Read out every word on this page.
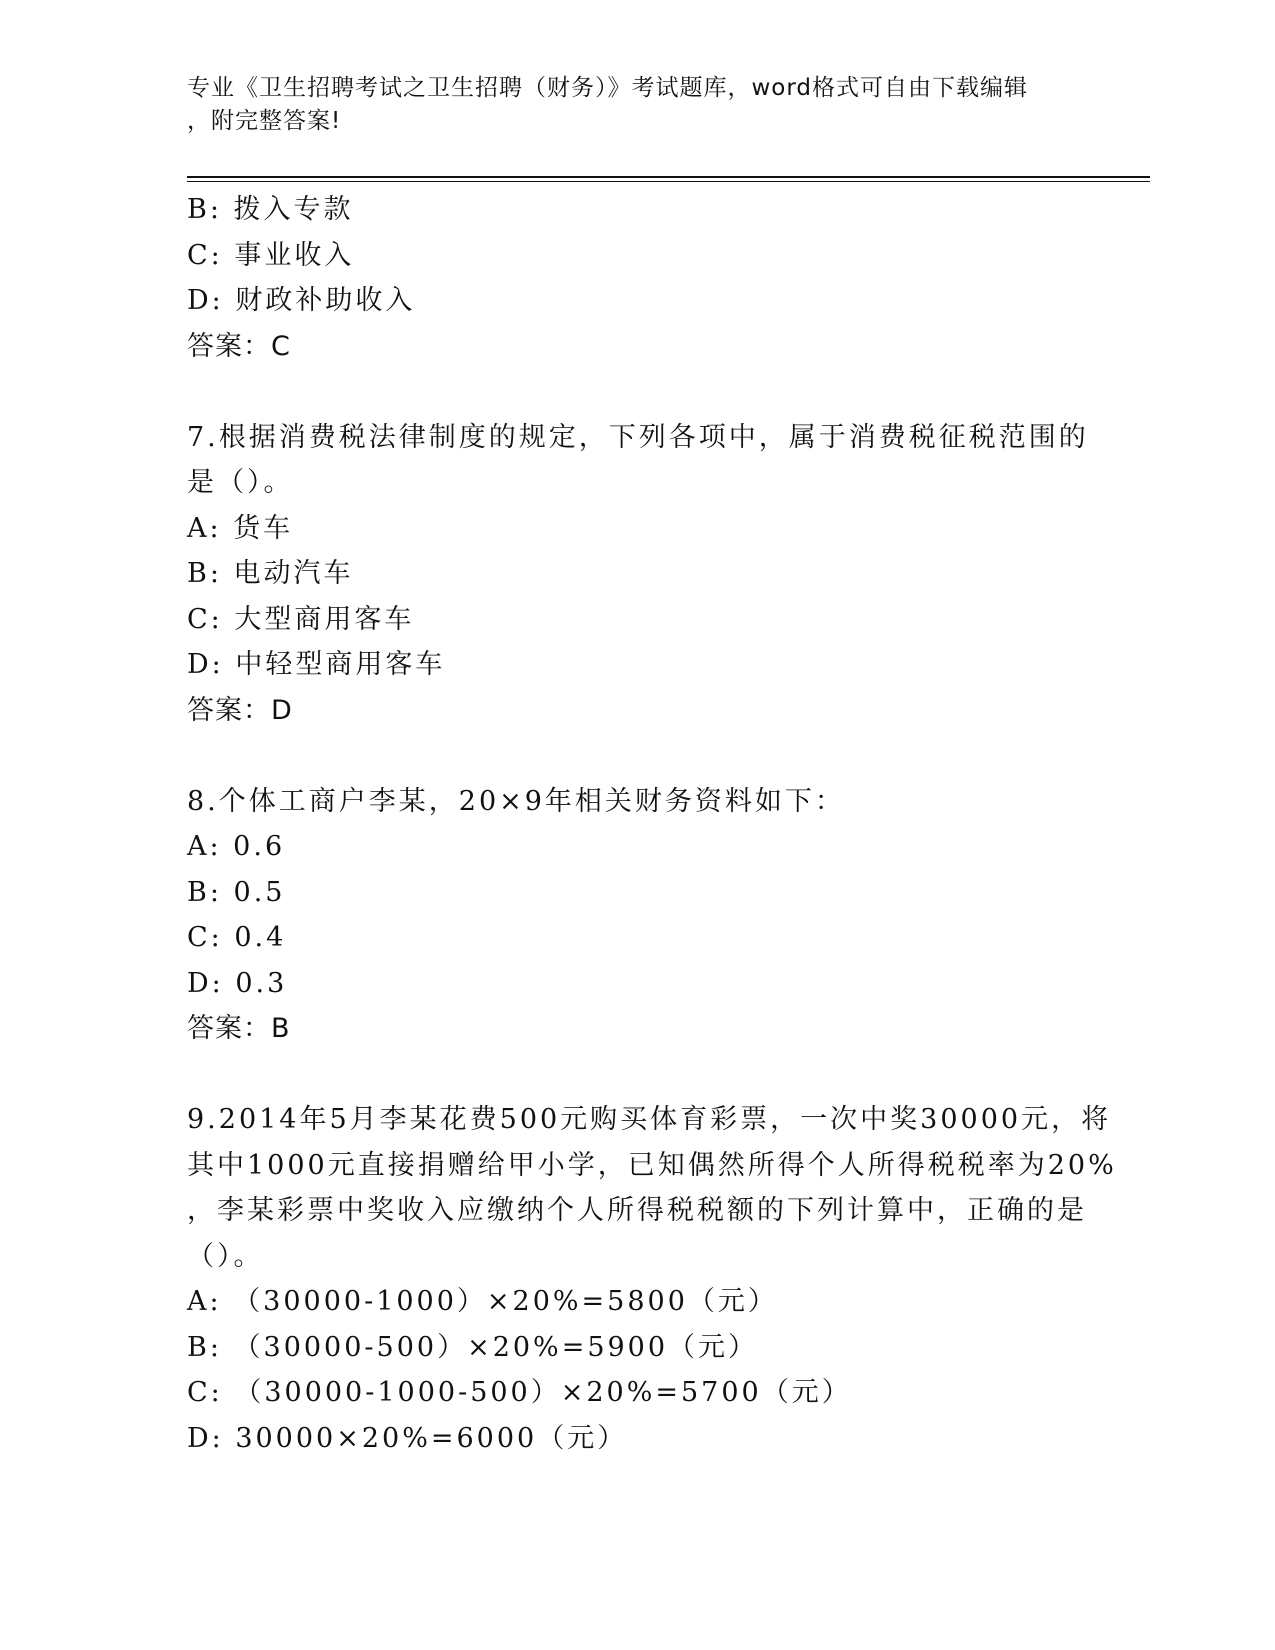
专业《卫生招聘考试之卫生招聘（财务）》考试题库，word格式可自由下载编辑
，附完整答案!
B: 拨入专款
C: 事业收入
D: 财政补助收入
答案：C
7.根据消费税法律制度的规定，下列各项中，属于消费税征税范围的
是（）。
A: 货车
B: 电动汽车
C: 大型商用客车
D: 中轻型商用客车
答案：D
8.个体工商户李某，20×9年相关财务资料如下：
A: 0.6
B: 0.5
C: 0.4
D: 0.3
答案：B
9.2014年5月李某花费500元购买体育彩票，一次中奖30000元，将
其中1000元直接捐赠给甲小学，已知偶然所得个人所得税税率为20%
，李某彩票中奖收入应缴纳个人所得税税额的下列计算中，正确的是
（）。
A: （30000-1000）×20%=5800（元）
B: （30000-500）×20%=5900（元）
C: （30000-1000-500）×20%=5700（元）
D: 30000×20%=6000（元）
